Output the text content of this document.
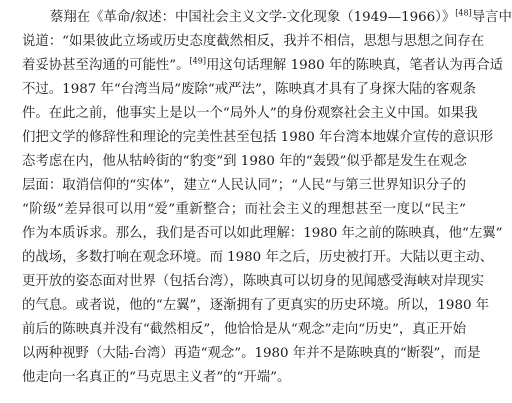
蔡翔在《革命/叙述：中国社会主义文学-文化现象（1949—1966）》[48]导言中
说道：“如果彼此立场或历史态度截然相反，我并不相信，思想与思想之间存在
着妥协甚至沟通的可能性”。[49]用这句话理解 1980 年的陈映真，笔者认为再合适
不过。1987 年“台湾当局”废除“戒严法”，陈映真才具有了身探大陆的客观条
件。在此之前，他事实上是以一个“局外人”的身份观察社会主义中国。如果我
们把文学的修辞性和理论的完美性甚至包括 1980 年台湾本地媒介宣传的意识形
态考虑在内，他从牯岭街的“豹变”到 1980 年的“轰毁”似乎都是发生在观念
层面：取消信仰的“实体”，建立“人民认同”；“人民”与第三世界知识分子的
“阶级”差异很可以用“爱”重新整合；而社会主义的理想甚至一度以“民主”
作为本质诉求。那么，我们是否可以如此理解：1980 年之前的陈映真，他“左翼”
的战场，多数打响在观念环境。而 1980 年之后，历史被打开。大陆以更主动、
更开放的姿态面对世界（包括台湾），陈映真可以切身的见闻感受海峡对岸现实
的气息。或者说，他的“左翼”，逐渐拥有了更真实的历史环境。所以，1980 年
前后的陈映真并没有“截然相反”，他恰恰是从“观念”走向“历史”，真正开始
以两种视野（大陆-台湾）再造“观念”。1980 年并不是陈映真的“断裂”，而是
他走向一名真正的“马克思主义者”的“开端”。
